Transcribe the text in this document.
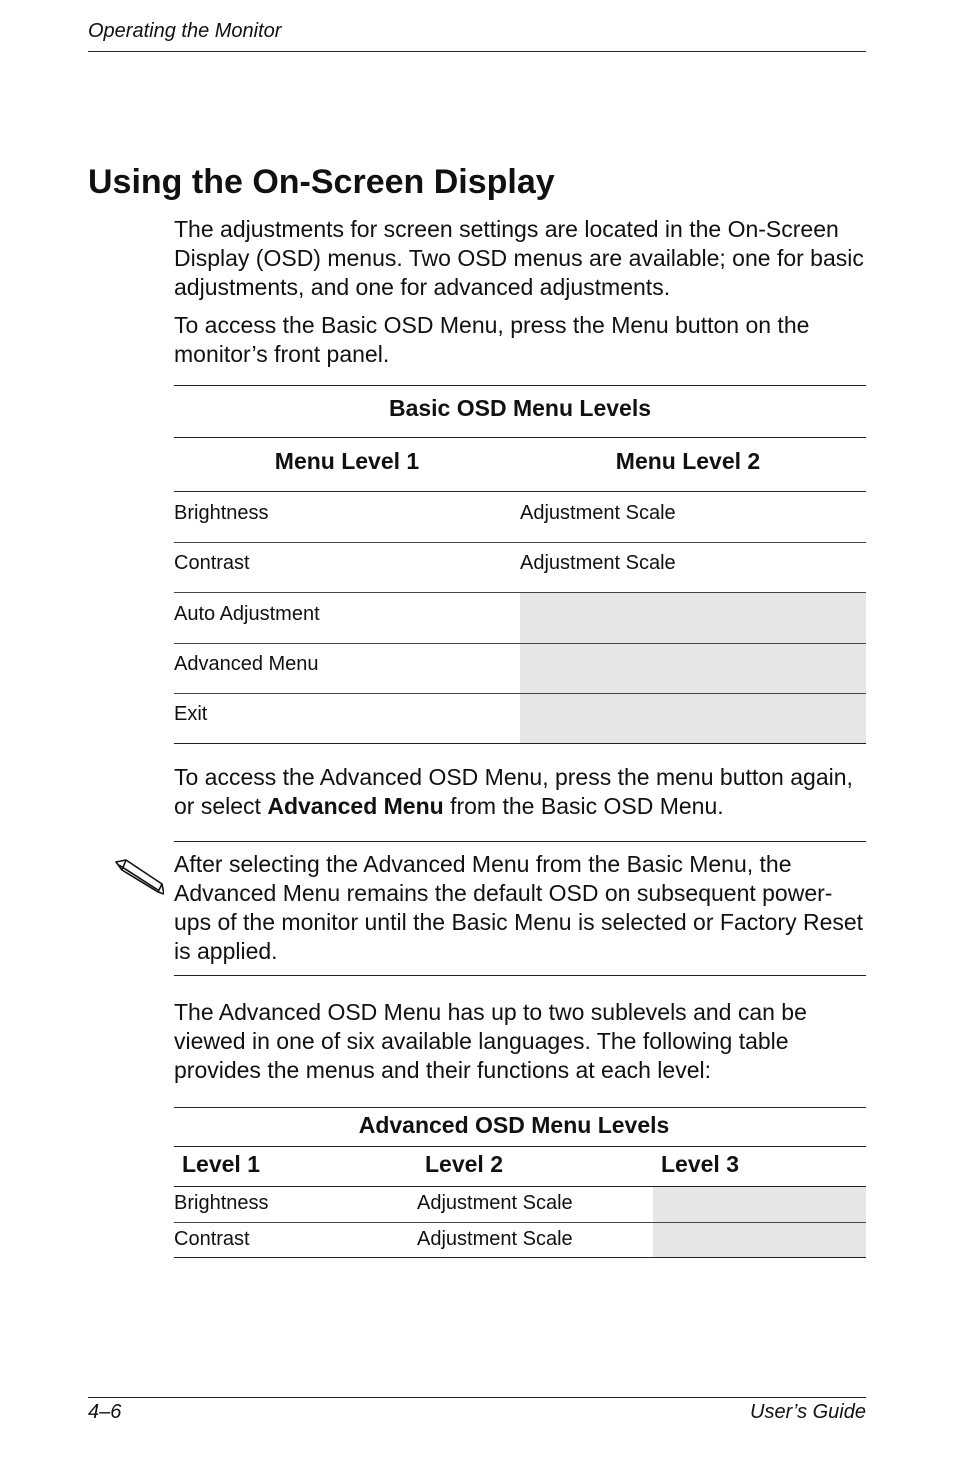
Operating the Monitor
Using the On-Screen Display

The adjustments for screen settings are located in the On-Screen Display (OSD) menus. Two OSD menus are available; one for basic adjustments, and one for advanced adjustments.

To access the Basic OSD Menu, press the Menu button on the monitor’s front panel.

Basic OSD Menu Levels
Menu Level 1	Menu Level 2
Brightness	Adjustment Scale
Contrast	Adjustment Scale
Auto Adjustment
Advanced Menu
Exit

To access the Advanced OSD Menu, press the menu button again, or select Advanced Menu from the Basic OSD Menu.

After selecting the Advanced Menu from the Basic Menu, the Advanced Menu remains the default OSD on subsequent power-ups of the monitor until the Basic Menu is selected or Factory Reset is applied.

The Advanced OSD Menu has up to two sublevels and can be viewed in one of six available languages. The following table provides the menus and their functions at each level:

Advanced OSD Menu Levels
Level 1	Level 2	Level 3
Brightness	Adjustment Scale
Contrast	Adjustment Scale
4–6	User’s Guide
